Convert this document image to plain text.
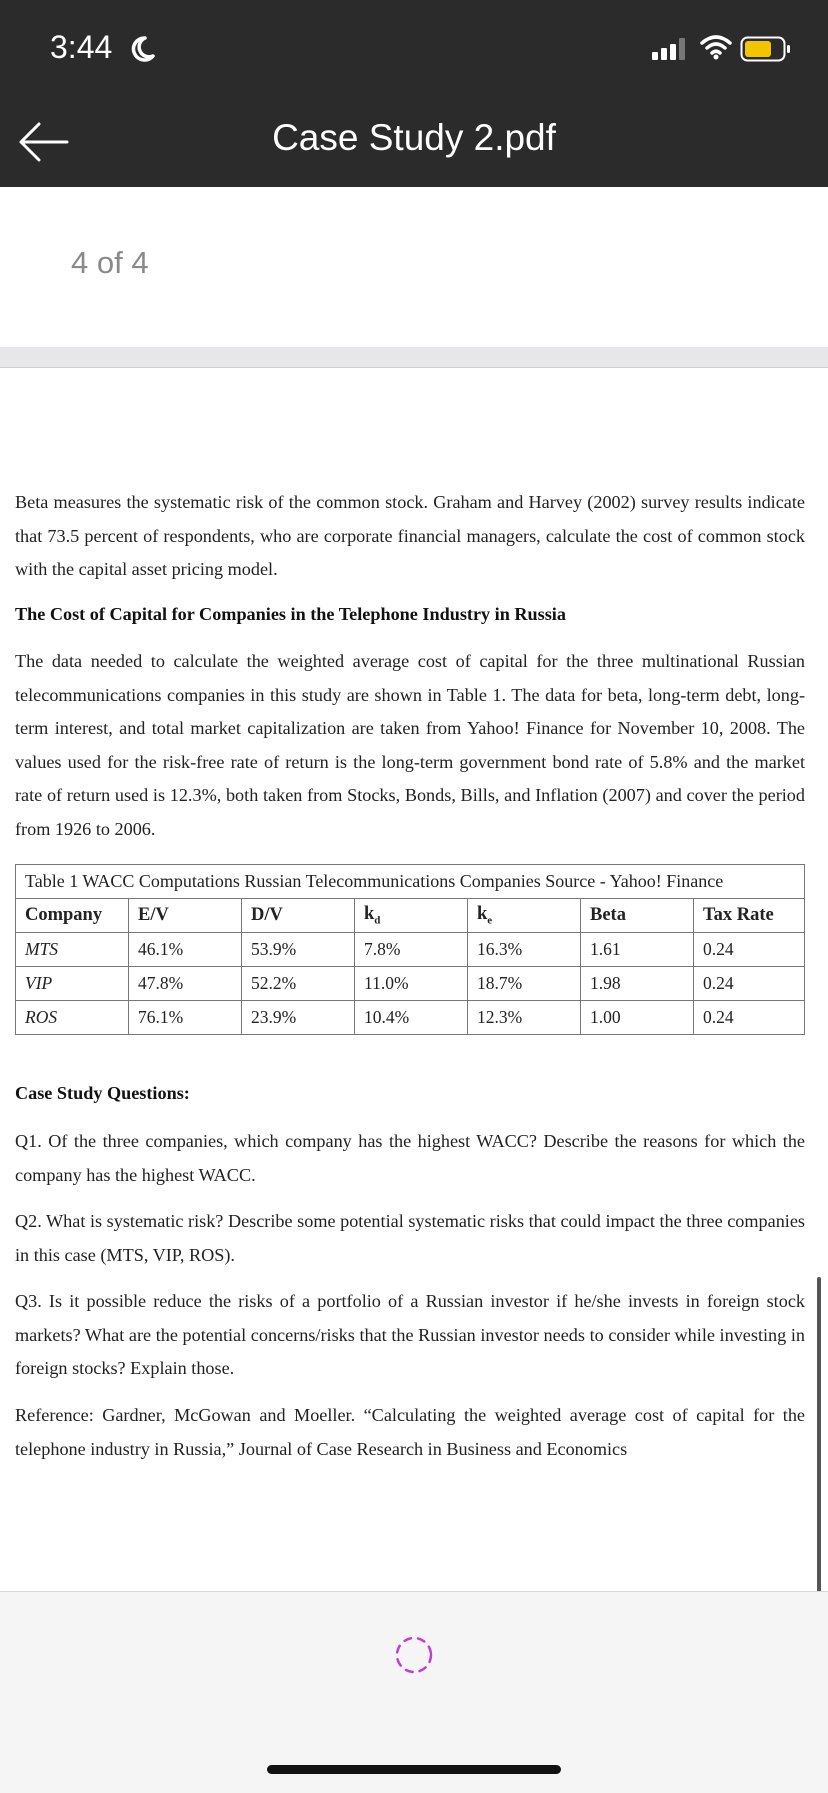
3:44
Case Study 2.pdf
4 of 4

Beta measures the systematic risk of the common stock. Graham and Harvey (2002) survey results indicate that 73.5 percent of respondents, who are corporate financial managers, calculate the cost of common stock with the capital asset pricing model.

The Cost of Capital for Companies in the Telephone Industry in Russia

The data needed to calculate the weighted average cost of capital for the three multinational Russian telecommunications companies in this study are shown in Table 1. The data for beta, long-term debt, long-term interest, and total market capitalization are taken from Yahoo! Finance for November 10, 2008. The values used for the risk-free rate of return is the long-term government bond rate of 5.8% and the market rate of return used is 12.3%, both taken from Stocks, Bonds, Bills, and Inflation (2007) and cover the period from 1926 to 2006.

Table 1 WACC Computations Russian Telecommunications Companies Source - Yahoo! Finance						
Company	E/V	D/V	$k_d$	$k_e$	Beta	Tax Rate
MTS	46.1%	53.9%	7.8%	16.3%	1.61	0.24
VIP	47.8%	52.2%	11.0%	18.7%	1.98	0.24
ROS	76.1%	23.9%	10.4%	12.3%	1.00	0.24

Case Study Questions:

Q1. Of the three companies, which company has the highest WACC? Describe the reasons for which the company has the highest WACC.

Q2. What is systematic risk? Describe some potential systematic risks that could impact the three companies in this case (MTS, VIP, ROS).

Q3. Is it possible reduce the risks of a portfolio of a Russian investor if he/she invests in foreign stock markets? What are the potential concerns/risks that the Russian investor needs to consider while investing in foreign stocks? Explain those.

Reference: Gardner, McGowan and Moeller. “Calculating the weighted average cost of capital for the telephone industry in Russia,” Journal of Case Research in Business and Economics
